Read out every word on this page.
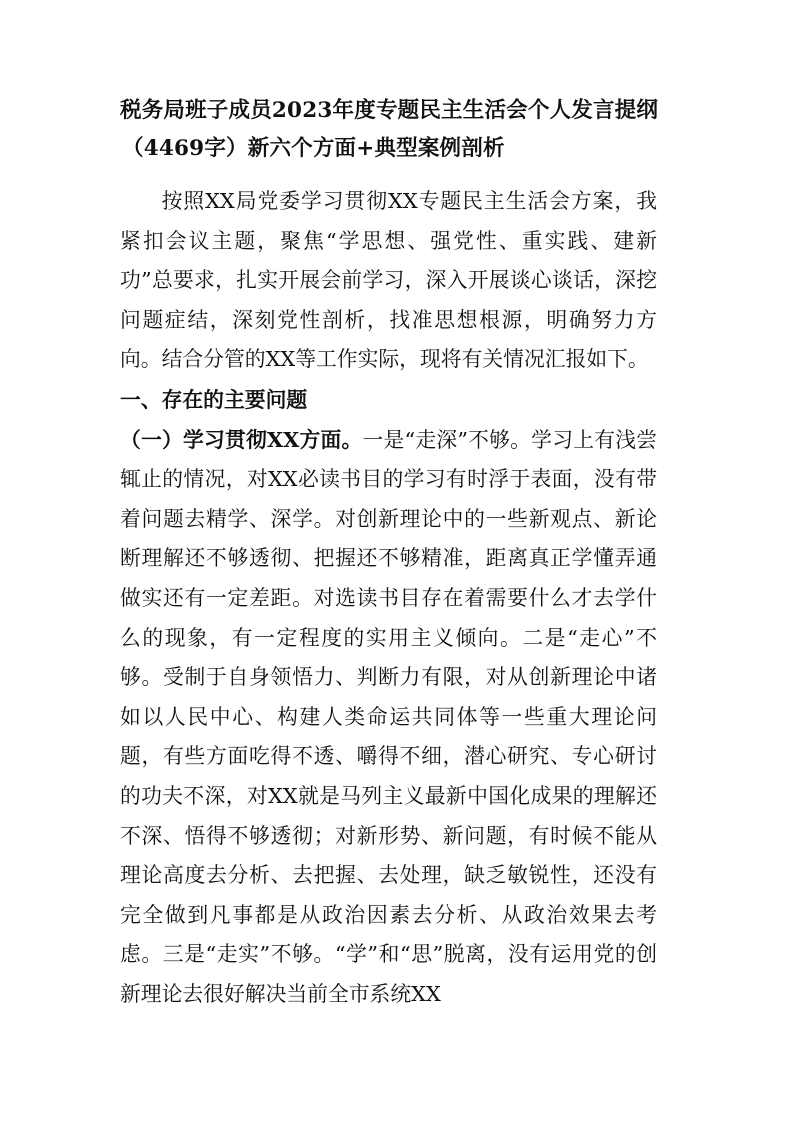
税务局班子成员2023年度专题民主生活会个人发言提纲
（4469字）新六个方面+典型案例剖析

按照XX局党委学习贯彻XX专题民主生活会方案，我紧扣会议主题，聚焦“学思想、强党性、重实践、建新功”总要求，扎实开展会前学习，深入开展谈心谈话，深挖问题症结，深刻党性剖析，找准思想根源，明确努力方向。结合分管的XX等工作实际，现将有关情况汇报如下。

一、存在的主要问题

（一）学习贯彻XX方面。一是“走深”不够。学习上有浅尝辄止的情况，对XX必读书目的学习有时浮于表面，没有带着问题去精学、深学。对创新理论中的一些新观点、新论断理解还不够透彻、把握还不够精准，距离真正学懂弄通做实还有一定差距。对选读书目存在着需要什么才去学什么的现象，有一定程度的实用主义倾向。二是“走心”不够。受制于自身领悟力、判断力有限，对从创新理论中诸如以人民中心、构建人类命运共同体等一些重大理论问题，有些方面吃得不透、嚼得不细，潜心研究、专心研讨的功夫不深，对XX就是马列主义最新中国化成果的理解还不深、悟得不够透彻；对新形势、新问题，有时候不能从理论高度去分析、去把握、去处理，缺乏敏锐性，还没有完全做到凡事都是从政治因素去分析、从政治效果去考虑。三是“走实”不够。“学”和“思”脱离，没有运用党的创新理论去很好解决当前全市系统XX
